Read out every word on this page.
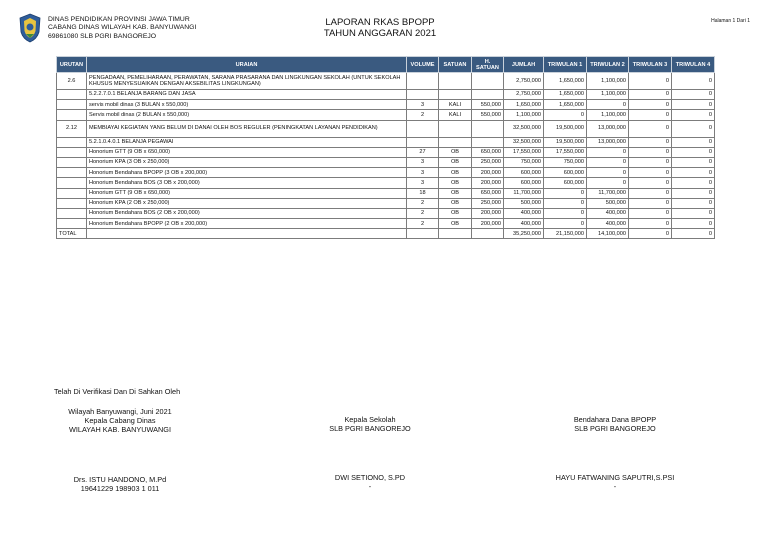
DINAS PENDIDIKAN PROVINSI JAWA TIMUR
CABANG DINAS WILAYAH KAB. BANYUWANGI
69861080 SLB PGRI BANGOREJO
LAPORAN RKAS BPOPP
TAHUN ANGGARAN 2021
Halaman 1 Dari 1
URUTAN	URAIAN	VOLUME	SATUAN	H. SATUAN	JUMLAH	TRIWULAN 1	TRIWULAN 2	TRIWULAN 3	TRIWULAN 4
2.6	PENGADAAN, PEMELIHARAAN, PERAWATAN, SARANA PRASARANA DAN LINGKUNGAN SEKOLAH (UNTUK SEKOLAH KHUSUS MENYESUAIKAN DENGAN AKSEBILITAS LINGKUNGAN)				2,750,000	1,650,000	1,100,000	0	0
	5.2.2.7.0.1 BELANJA BARANG DAN JASA				2,750,000	1,650,000	1,100,000	0	0
	servis mobil dinas (3 BULAN x 550,000)	3	KALI	550,000	1,650,000	1,650,000	0	0	0
	Servis mobil dinas (2 BULAN x 550,000)	2	KALI	550,000	1,100,000	0	1,100,000	0	0
2.12	MEMBIAYAI KEGIATAN YANG BELUM DI DANAI OLEH BOS REGULER (PENINGKATAN LAYANAN PENDIDIKAN)				32,500,000	19,500,000	13,000,000	0	0
	5.2.1.0.4.0.1 BELANJA PEGAWAI				32,500,000	19,500,000	13,000,000	0	0
	Honorium GTT (9 OB x 650,000)	27	OB	650,000	17,550,000	17,550,000	0	0	0
	Honorium KPA (3 OB x 250,000)	3	OB	250,000	750,000	750,000	0	0	0
	Honorium Bendahara BPOPP (3 OB x 200,000)	3	OB	200,000	600,000	600,000	0	0	0
	Honorium Bendahara BOS (3 OB x 200,000)	3	OB	200,000	600,000	600,000	0	0	0
	Honorium GTT (9 OB x 650,000)	18	OB	650,000	11,700,000	0	11,700,000	0	0
	Honorium KPA (2 OB x 250,000)	2	OB	250,000	500,000	0	500,000	0	0
	Honorium Bendahara BOS (2 OB x 200,000)	2	OB	200,000	400,000	0	400,000	0	0
	Honorium Bendahara BPOPP (2 OB x 200,000)	2	OB	200,000	400,000	0	400,000	0	0
TOTAL					35,250,000	21,150,000	14,100,000	0	0
Telah Di Verifikasi Dan Di Sahkan Oleh
Wilayah Banyuwangi, Juni 2021
Kepala Cabang Dinas
WILAYAH KAB. BANYUWANGI
Drs. ISTU HANDONO, M.Pd
19641229 198903 1 011
Kepala Sekolah
SLB PGRI BANGOREJO
DWI SETIONO, S.PD
-
Bendahara Dana BPOPP
SLB PGRI BANGOREJO
HAYU FATWANING SAPUTRI,S.PSI
-
